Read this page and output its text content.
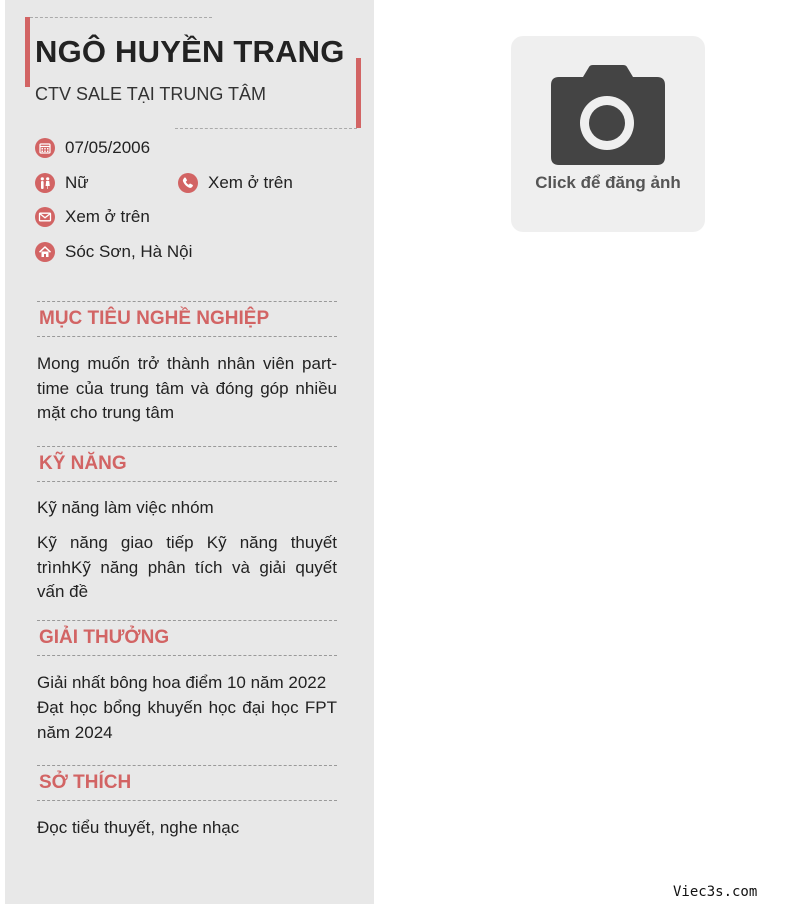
NGÔ HUYỀN TRANG
CTV SALE TẠI TRUNG TÂM
07/05/2006
Nữ	Xem ở trên
Xem ở trên
Sóc Sơn, Hà Nội
MỤC TIÊU NGHỀ NGHIỆP
Mong muốn trở thành nhân viên part-time của trung tâm và đóng góp nhiều mặt cho trung tâm
KỸ NĂNG
Kỹ năng làm việc nhóm
Kỹ năng giao tiếp Kỹ năng thuyết trìnhKỹ năng phân tích và giải quyết vấn đề
GIẢI THƯỞNG
Giải nhất bông hoa điểm 10 năm 2022
Đạt học bổng khuyến học đại học FPT năm 2024
SỞ THÍCH
Đọc tiểu thuyết, nghe nhạc
Click để đăng ảnh
Viec3s.com
